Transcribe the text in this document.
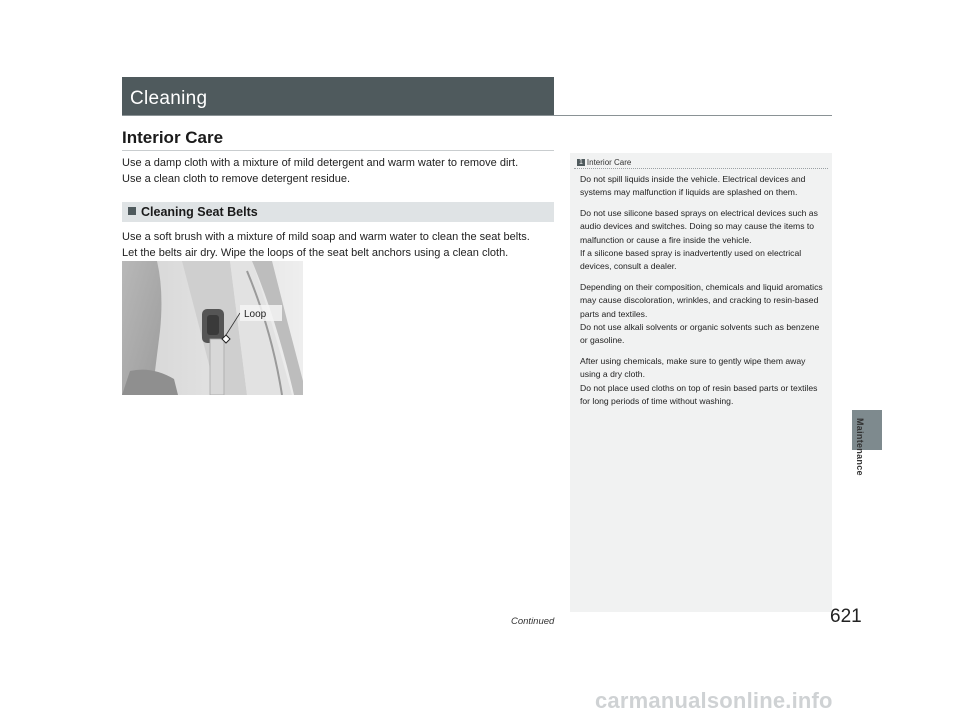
Cleaning
Interior Care
Use a damp cloth with a mixture of mild detergent and warm water to remove dirt.
Use a clean cloth to remove detergent residue.
Cleaning Seat Belts
Use a soft brush with a mixture of mild soap and warm water to clean the seat belts.
Let the belts air dry. Wipe the loops of the seat belt anchors using a clean cloth.
Loop
1 Interior Care

Do not spill liquids inside the vehicle. Electrical devices and systems may malfunction if liquids are splashed on them.

Do not use silicone based sprays on electrical devices such as audio devices and switches. Doing so may cause the items to malfunction or cause a fire inside the vehicle.
If a silicone based spray is inadvertently used on electrical devices, consult a dealer.

Depending on their composition, chemicals and liquid aromatics may cause discoloration, wrinkles, and cracking to resin-based parts and textiles.
Do not use alkali solvents or organic solvents such as benzene or gasoline.

After using chemicals, make sure to gently wipe them away using a dry cloth.
Do not place used cloths on top of resin based parts or textiles for long periods of time without washing.

Maintenance
Continued	621
carmanualsonline.info
